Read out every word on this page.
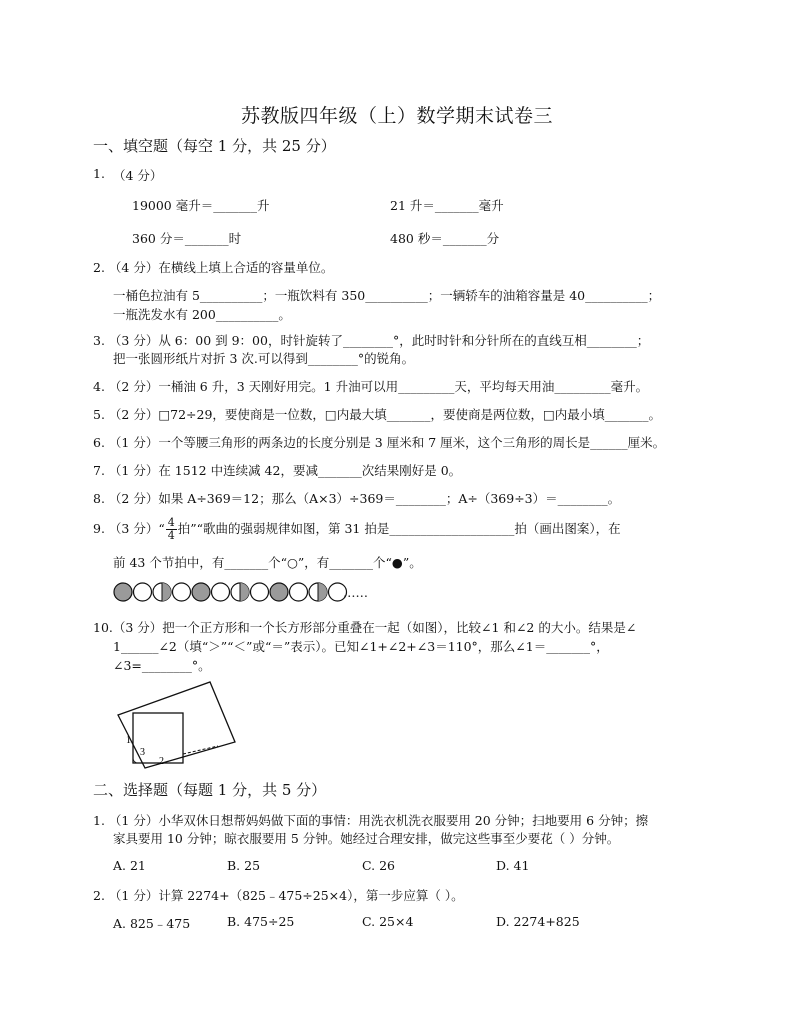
苏教版四年级（上）数学期末试卷三
一、填空题（每空 1 分，共 25 分）
1. （4 分）
19000 毫升＝_______升	21 升＝_______毫升
360 分＝_______时	480 秒＝_______分
2. （4 分）在横线上填上合适的容量单位。
一桶色拉油有 5__________；一瓶饮料有 350__________；一辆轿车的油箱容量是 40__________；
一瓶洗发水有 200__________。
3. （3 分）从 6：00 到 9：00，时针旋转了________°，此时时针和分针所在的直线互相________；
把一张圆形纸片对折 3 次.可以得到________°的锐角。
4. （2 分）一桶油 6 升，3 天刚好用完。1 升油可以用_________天，平均每天用油_________毫升。
5. （2 分）□72÷29，要使商是一位数，□内最大填_______，要使商是两位数，□内最小填_______。
6. （1 分）一个等腰三角形的两条边的长度分别是 3 厘米和 7 厘米，这个三角形的周长是______厘米。
7. （1 分）在 1512 中连续减 42，要减_______次结果刚好是 0。
8. （2 分）如果 A÷369＝12；那么（A×3）÷369＝________；A÷（369÷3）＝________。
9. （3 分）“ $\frac{4}{4}$ 拍”“歌曲的强弱规律如图，第 31 拍是____________________拍（画出图案），在
前 43 个节拍中，有_______个“○”，有_______个“●”。
……
10.（3 分）把一个正方形和一个长方形部分重叠在一起（如图），比较∠1 和∠2 的大小。结果是∠
1______∠2（填“＞”“＜”或“＝”表示）。已知∠1+∠2+∠3＝110°，那么∠1＝_______°，
∠3=________°。
1
3
2
二、选择题（每题 1 分，共 5 分）
1. （1 分）小华双休日想帮妈妈做下面的事情：用洗衣机洗衣服要用 20 分钟；扫地要用 6 分钟；擦
家具要用 10 分钟；晾衣服要用 5 分钟。她经过合理安排，做完这些事至少要花（ ）分钟。
A. 21	B. 25	C. 26	D. 41
2. （1 分）计算 2274+（825﹣475÷25×4），第一步应算（ ）。
A. 825﹣475	B. 475÷25	C. 25×4	D. 2274+825
